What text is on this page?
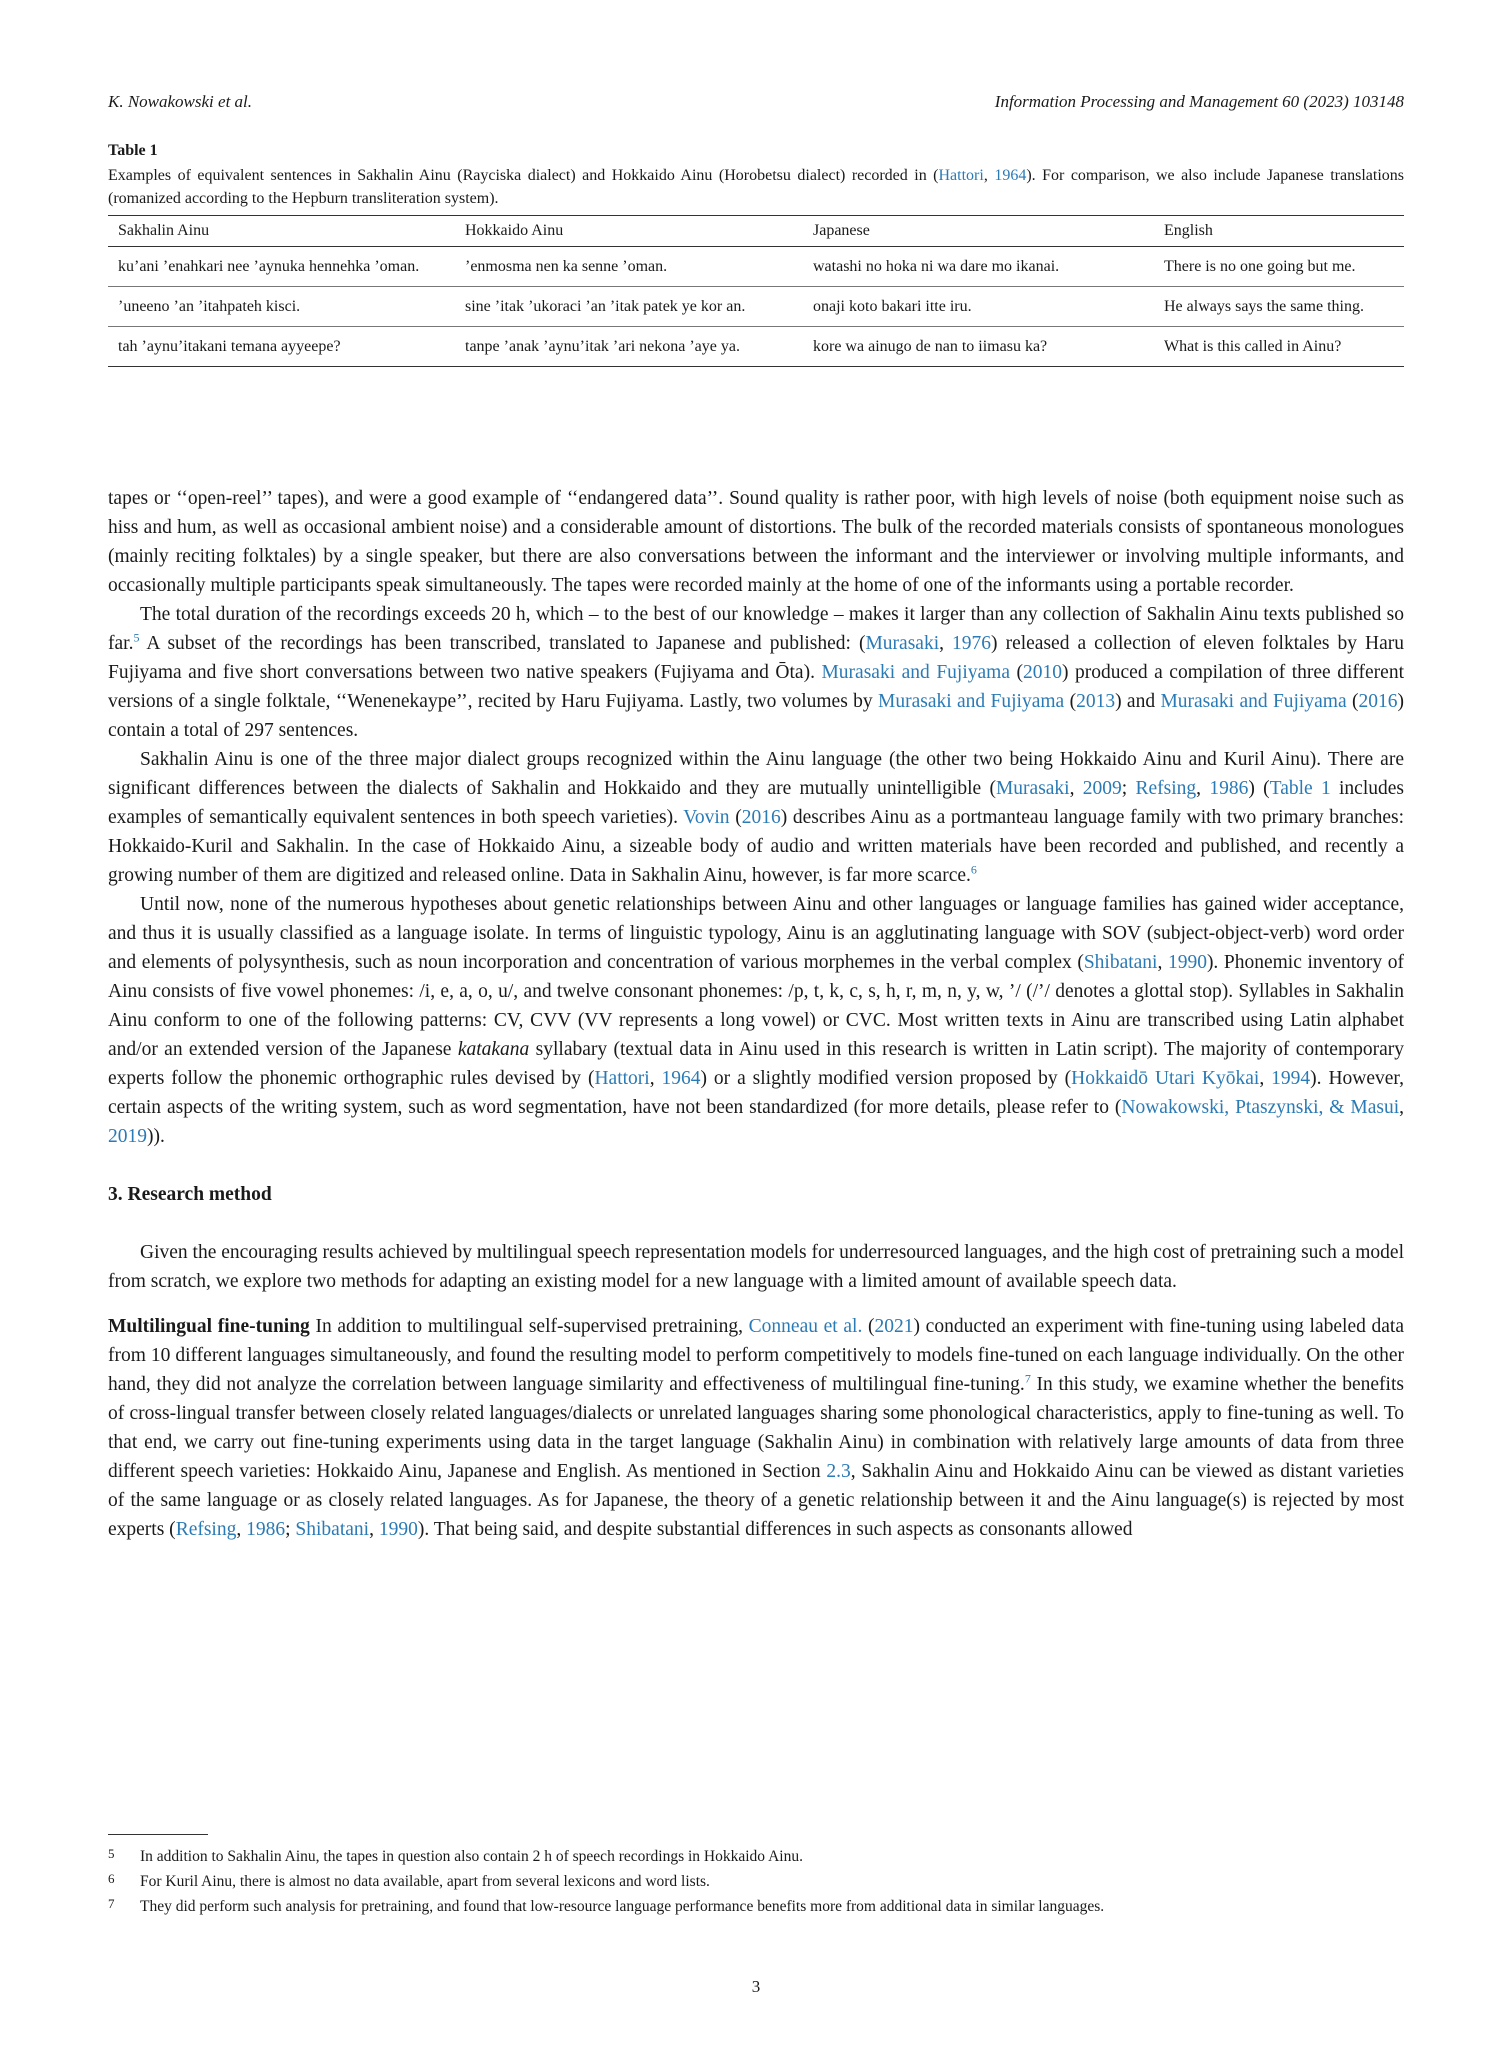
K. Nowakowski et al.	Information Processing and Management 60 (2023) 103148
Table 1
Examples of equivalent sentences in Sakhalin Ainu (Rayciska dialect) and Hokkaido Ainu (Horobetsu dialect) recorded in (Hattori, 1964). For comparison, we also include Japanese translations (romanized according to the Hepburn transliteration system).
Sakhalin Ainu	Hokkaido Ainu	Japanese	English
ku’ani ’enahkari nee ’aynuka hennehka ’oman.	’enmosma nen ka senne ’oman.	watashi no hoka ni wa dare mo ikanai.	There is no one going but me.
’uneeno ’an ’itahpateh kisci.	sine ’itak ’ukoraci ’an ’itak patek ye kor an.	onaji koto bakari itte iru.	He always says the same thing.
tah ’aynu’itakani temana ayyeepe?	tanpe ’anak ’aynu’itak ’ari nekona ’aye ya.	kore wa ainugo de nan to iimasu ka?	What is this called in Ainu?

tapes or ‘‘open-reel’’ tapes), and were a good example of ‘‘endangered data’’. Sound quality is rather poor, with high levels of noise (both equipment noise such as hiss and hum, as well as occasional ambient noise) and a considerable amount of distortions. The bulk of the recorded materials consists of spontaneous monologues (mainly reciting folktales) by a single speaker, but there are also conversations between the informant and the interviewer or involving multiple informants, and occasionally multiple participants speak simultaneously. The tapes were recorded mainly at the home of one of the informants using a portable recorder.

The total duration of the recordings exceeds 20 h, which – to the best of our knowledge – makes it larger than any collection of Sakhalin Ainu texts published so far.$^5$ A subset of the recordings has been transcribed, translated to Japanese and published: (Murasaki, 1976) released a collection of eleven folktales by Haru Fujiyama and five short conversations between two native speakers (Fujiyama and Ōta). Murasaki and Fujiyama (2010) produced a compilation of three different versions of a single folktale, ‘‘Wenenekaype’’, recited by Haru Fujiyama. Lastly, two volumes by Murasaki and Fujiyama (2013) and Murasaki and Fujiyama (2016) contain a total of 297 sentences.

Sakhalin Ainu is one of the three major dialect groups recognized within the Ainu language (the other two being Hokkaido Ainu and Kuril Ainu). There are significant differences between the dialects of Sakhalin and Hokkaido and they are mutually unintelligible (Murasaki, 2009; Refsing, 1986) (Table 1 includes examples of semantically equivalent sentences in both speech varieties). Vovin (2016) describes Ainu as a portmanteau language family with two primary branches: Hokkaido-Kuril and Sakhalin. In the case of Hokkaido Ainu, a sizeable body of audio and written materials have been recorded and published, and recently a growing number of them are digitized and released online. Data in Sakhalin Ainu, however, is far more scarce.$^6$

Until now, none of the numerous hypotheses about genetic relationships between Ainu and other languages or language families has gained wider acceptance, and thus it is usually classified as a language isolate. In terms of linguistic typology, Ainu is an agglutinating language with SOV (subject-object-verb) word order and elements of polysynthesis, such as noun incorporation and concentration of various morphemes in the verbal complex (Shibatani, 1990). Phonemic inventory of Ainu consists of five vowel phonemes: /i, e, a, o, u/, and twelve consonant phonemes: /p, t, k, c, s, h, r, m, n, y, w, ’/ (/’/ denotes a glottal stop). Syllables in Sakhalin Ainu conform to one of the following patterns: CV, CVV (VV represents a long vowel) or CVC. Most written texts in Ainu are transcribed using Latin alphabet and/or an extended version of the Japanese katakana syllabary (textual data in Ainu used in this research is written in Latin script). The majority of contemporary experts follow the phonemic orthographic rules devised by (Hattori, 1964) or a slightly modified version proposed by (Hokkaidō Utari Kyōkai, 1994). However, certain aspects of the writing system, such as word segmentation, have not been standardized (for more details, please refer to (Nowakowski, Ptaszynski, & Masui, 2019)).

3. Research method

Given the encouraging results achieved by multilingual speech representation models for underresourced languages, and the high cost of pretraining such a model from scratch, we explore two methods for adapting an existing model for a new language with a limited amount of available speech data.

Multilingual fine-tuning In addition to multilingual self-supervised pretraining, Conneau et al. (2021) conducted an experiment with fine-tuning using labeled data from 10 different languages simultaneously, and found the resulting model to perform competitively to models fine-tuned on each language individually. On the other hand, they did not analyze the correlation between language similarity and effectiveness of multilingual fine-tuning.$^7$ In this study, we examine whether the benefits of cross-lingual transfer between closely related languages/dialects or unrelated languages sharing some phonological characteristics, apply to fine-tuning as well. To that end, we carry out fine-tuning experiments using data in the target language (Sakhalin Ainu) in combination with relatively large amounts of data from three different speech varieties: Hokkaido Ainu, Japanese and English. As mentioned in Section 2.3, Sakhalin Ainu and Hokkaido Ainu can be viewed as distant varieties of the same language or as closely related languages. As for Japanese, the theory of a genetic relationship between it and the Ainu language(s) is rejected by most experts (Refsing, 1986; Shibatani, 1990). That being said, and despite substantial differences in such aspects as consonants allowed

5 In addition to Sakhalin Ainu, the tapes in question also contain 2 h of speech recordings in Hokkaido Ainu.
6 For Kuril Ainu, there is almost no data available, apart from several lexicons and word lists.
7 They did perform such analysis for pretraining, and found that low-resource language performance benefits more from additional data in similar languages.
3
